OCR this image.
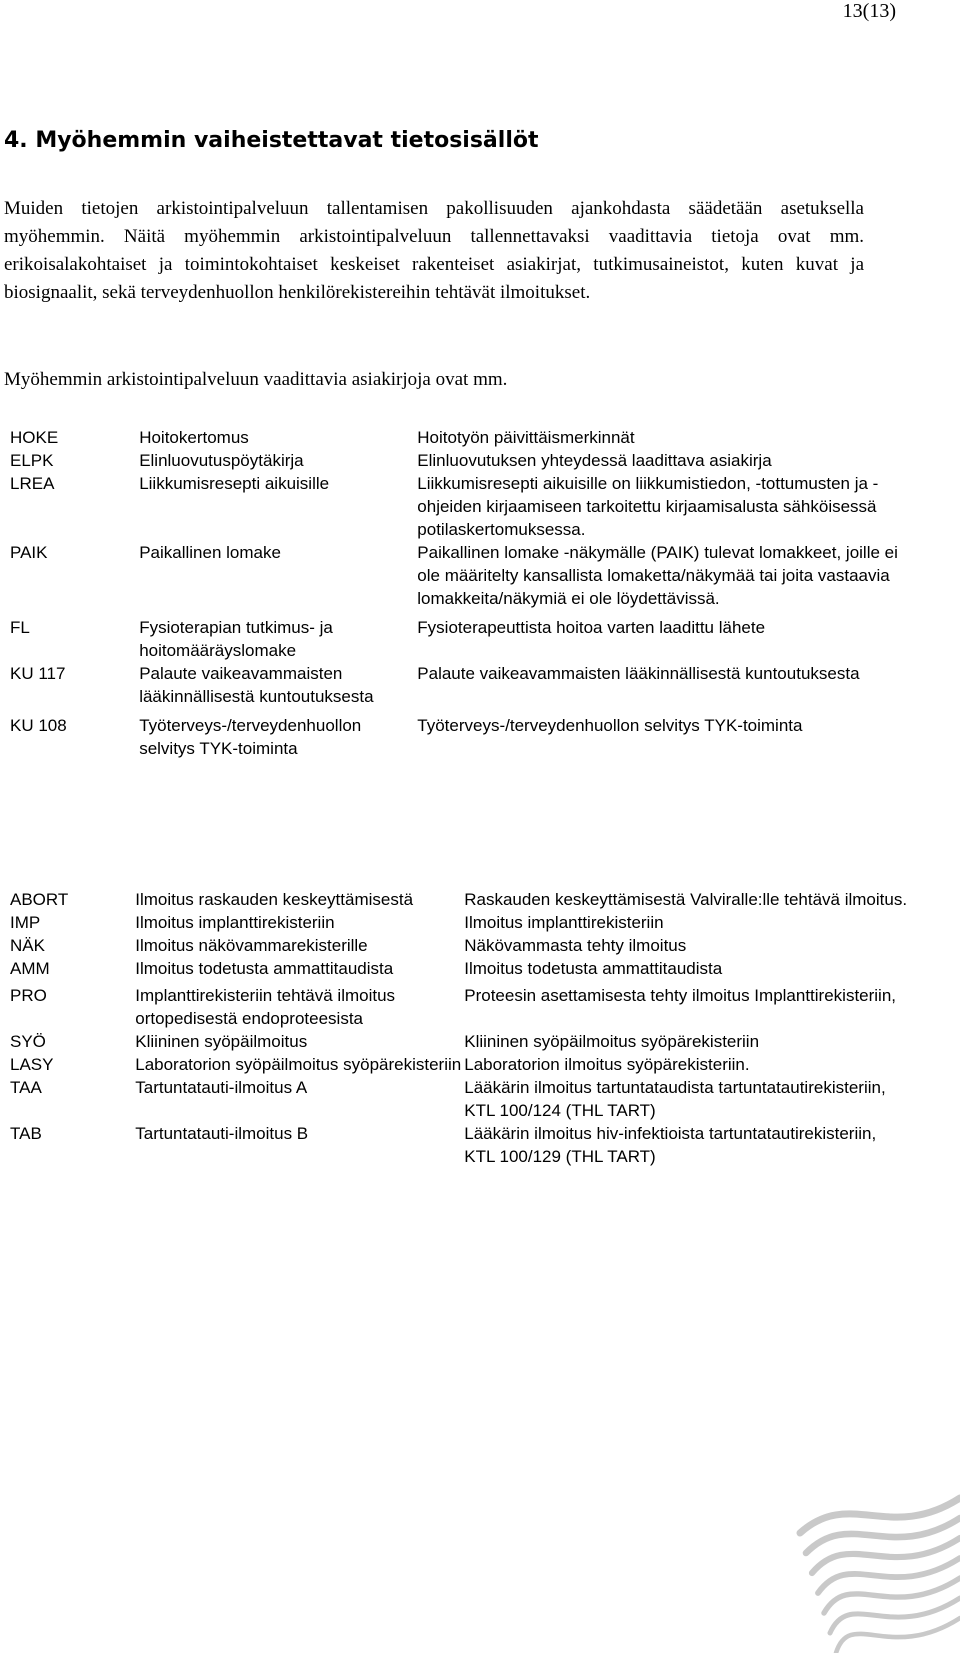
13(13)
4. Myöhemmin vaiheistettavat tietosisällöt

Muiden tietojen arkistointipalveluun tallentamisen pakollisuuden ajankohdasta säädetään asetuksella myöhemmin. Näitä myöhemmin arkistointipalveluun tallennettavaksi vaadittavia tietoja ovat mm. erikoisalakohtaiset ja toimintokohtaiset keskeiset rakenteiset asiakirjat, tutkimusaineistot, kuten kuvat ja biosignaalit, sekä terveydenhuollon henkilörekistereihin tehtävät ilmoitukset.

Myöhemmin arkistointipalveluun vaadittavia asiakirjoja ovat mm.

HOKE	Hoitokertomus	Hoitotyön päivittäismerkinnät
ELPK	Elinluovutuspöytäkirja	Elinluovutuksen yhteydessä laadittava asiakirja
LREA	Liikkumisresepti aikuisille	Liikkumisresepti aikuisille on liikkumistiedon, -tottumusten ja -ohjeiden kirjaamiseen tarkoitettu kirjaamisalusta sähköisessä potilaskertomuksessa.
PAIK	Paikallinen lomake	Paikallinen lomake -näkymälle (PAIK) tulevat lomakkeet, joille ei ole määritelty kansallista lomaketta/näkymää tai joita vastaavia lomakkeita/näkymiä ei ole löydettävissä.
FL	Fysioterapian tutkimus- ja hoitomääräyslomake	Fysioterapeuttista hoitoa varten laadittu lähete
KU 117	Palaute vaikeavammaisten lääkinnällisestä kuntoutuksesta	Palaute vaikeavammaisten lääkinnällisestä kuntoutuksesta
KU 108	Työterveys-/terveydenhuollon selvitys TYK-toiminta	Työterveys-/terveydenhuollon selvitys TYK-toiminta
ABORT	Ilmoitus raskauden keskeyttämisestä	Raskauden keskeyttämisestä Valviralle:lle tehtävä ilmoitus.
IMP	Ilmoitus implanttirekisteriin	Ilmoitus implanttirekisteriin
NÄK	Ilmoitus näkövammarekisterille	Näkövammasta tehty ilmoitus
AMM	Ilmoitus todetusta ammattitaudista	Ilmoitus todetusta ammattitaudista
PRO	Implanttirekisteriin tehtävä ilmoitus ortopedisestä endoproteesista	Proteesin asettamisesta tehty ilmoitus Implanttirekisteriin,
SYÖ	Kliininen syöpäilmoitus	Kliininen syöpäilmoitus syöpärekisteriin
LASY	Laboratorion syöpäilmoitus syöpärekisteriin	Laboratorion ilmoitus syöpärekisteriin.
TAA	Tartuntatauti-ilmoitus A	Lääkärin ilmoitus tartuntataudista tartuntatautirekisteriin, KTL 100/124 (THL TART)
TAB	Tartuntatauti-ilmoitus B	Lääkärin ilmoitus hiv-infektioista tartuntatautirekisteriin, KTL 100/129 (THL TART)
